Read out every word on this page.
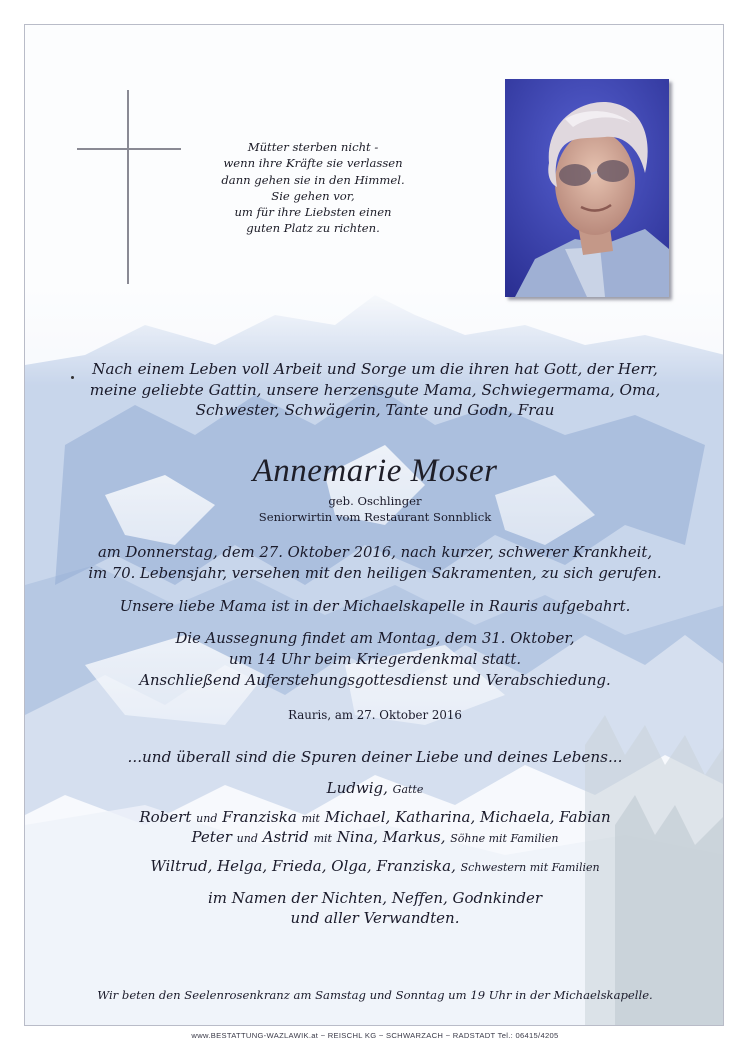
Mütter sterben nicht -
wenn ihre Kräfte sie verlassen
dann gehen sie in den Himmel.
Sie gehen vor,
um für ihre Liebsten einen
guten Platz zu richten.
Nach einem Leben voll Arbeit und Sorge um die ihren hat Gott, der Herr,
meine geliebte Gattin, unsere herzensgute Mama, Schwiegermama, Oma,
Schwester, Schwägerin, Tante und Godn, Frau
Annemarie Moser
geb. Oschlinger
Seniorwirtin vom Restaurant Sonnblick
am Donnerstag, dem 27. Oktober 2016, nach kurzer, schwerer Krankheit,
im 70. Lebensjahr, versehen mit den heiligen Sakramenten, zu sich gerufen.
Unsere liebe Mama ist in der Michaelskapelle in Rauris aufgebahrt.
Die Aussegnung findet am Montag, dem 31. Oktober,
um 14 Uhr beim Kriegerdenkmal statt.
Anschließend Auferstehungsgottesdienst und Verabschiedung.
Rauris, am 27. Oktober 2016
...und überall sind die Spuren deiner Liebe und deines Lebens...
Ludwig, Gatte
Robert und Franziska mit Michael, Katharina, Michaela, Fabian
Peter und Astrid mit Nina, Markus, Söhne mit Familien
Wiltrud, Helga, Frieda, Olga, Franziska, Schwestern mit Familien
im Namen der Nichten, Neffen, Godnkinder
und aller Verwandten.
Wir beten den Seelenrosenkranz am Samstag und Sonntag um 19 Uhr in der Michaelskapelle.
www.BESTATTUNG-WAZLAWIK.at ~ REISCHL KG ~ SCHWARZACH ~ RADSTADT Tel.: 06415/4205
